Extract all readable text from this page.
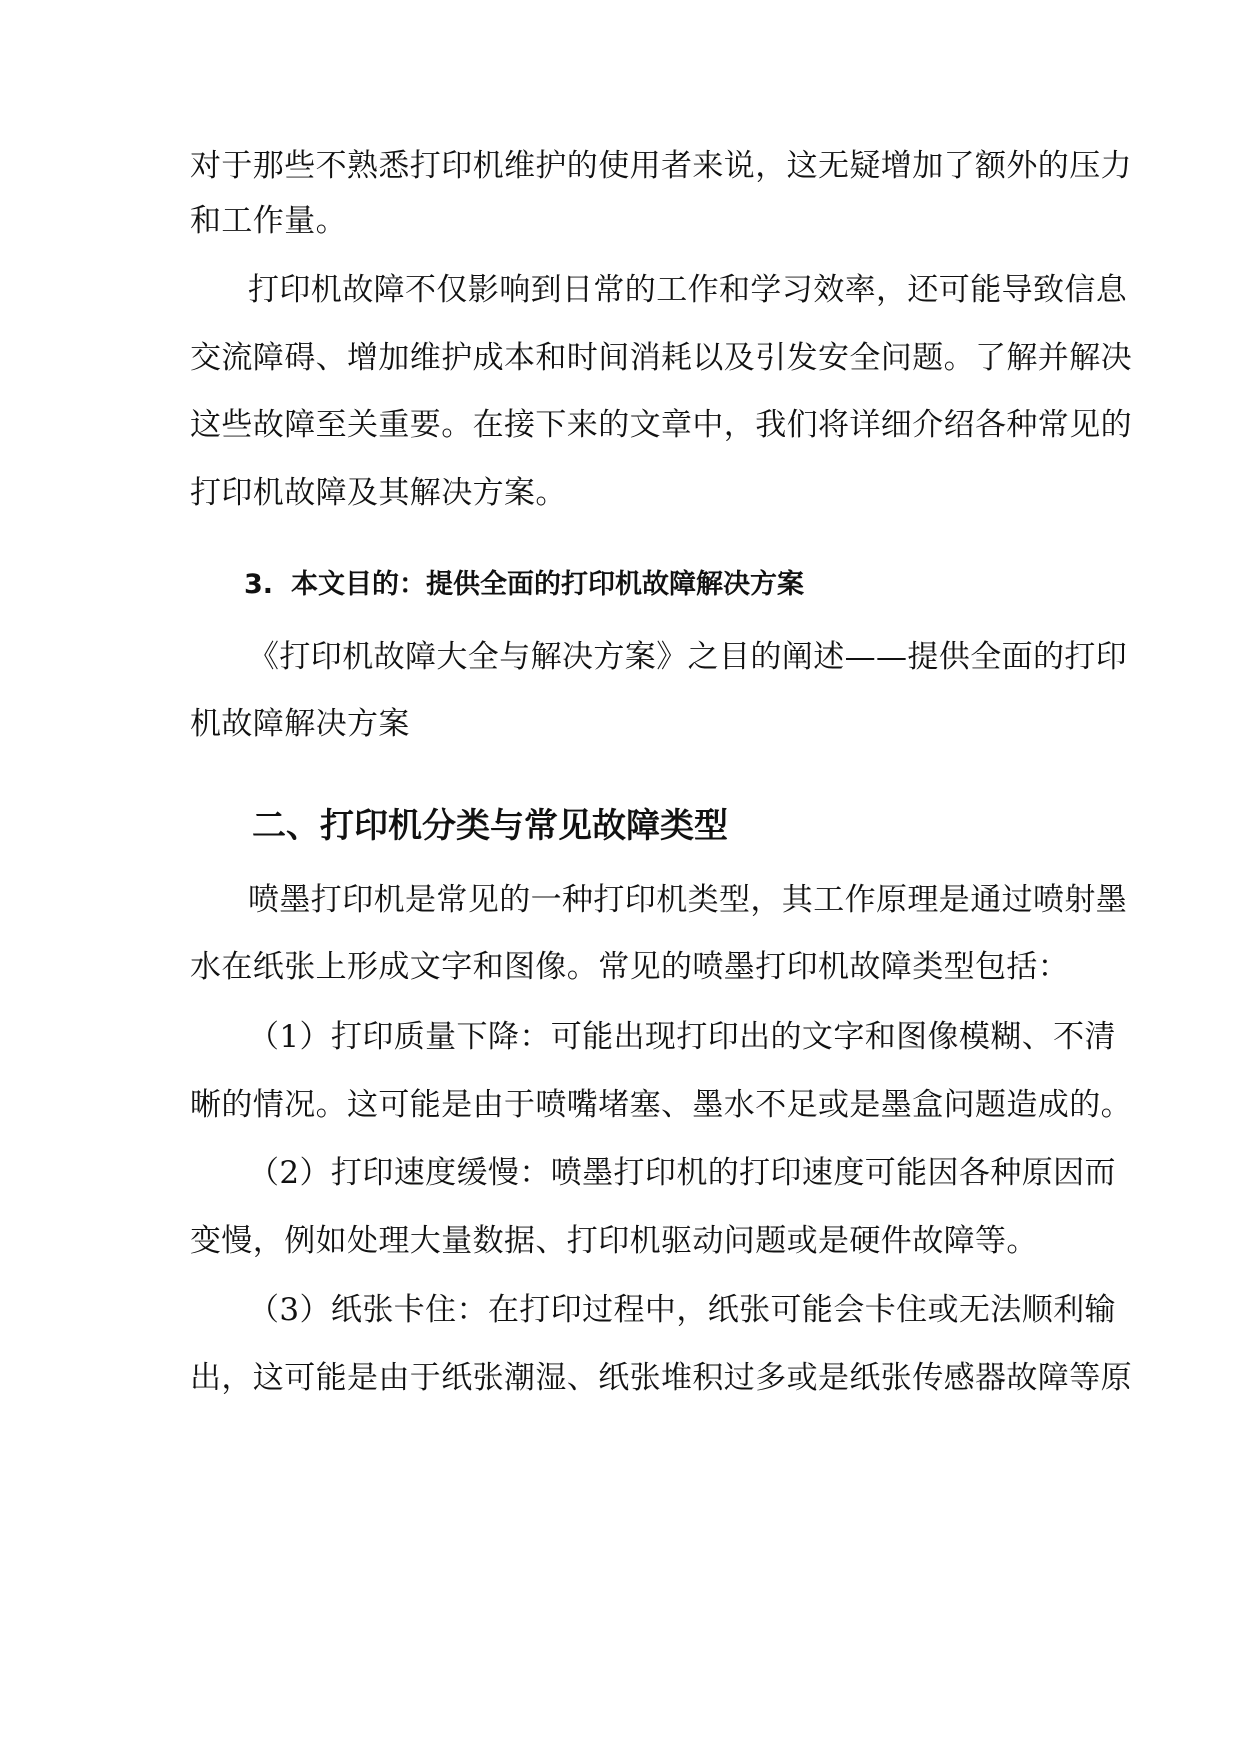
对于那些不熟悉打印机维护的使用者来说，这无疑增加了额外的压力
和工作量。
打印机故障不仅影响到日常的工作和学习效率，还可能导致信息
交流障碍、增加维护成本和时间消耗以及引发安全问题。了解并解决
这些故障至关重要。在接下来的文章中，我们将详细介绍各种常见的
打印机故障及其解决方案。
3. 本文目的：提供全面的打印机故障解决方案
《打印机故障大全与解决方案》之目的阐述——提供全面的打印
机故障解决方案
二、打印机分类与常见故障类型
喷墨打印机是常见的一种打印机类型，其工作原理是通过喷射墨
水在纸张上形成文字和图像。常见的喷墨打印机故障类型包括：
（1）打印质量下降：可能出现打印出的文字和图像模糊、不清
晰的情况。这可能是由于喷嘴堵塞、墨水不足或是墨盒问题造成的。
（2）打印速度缓慢：喷墨打印机的打印速度可能因各种原因而
变慢，例如处理大量数据、打印机驱动问题或是硬件故障等。
（3）纸张卡住：在打印过程中，纸张可能会卡住或无法顺利输
出，这可能是由于纸张潮湿、纸张堆积过多或是纸张传感器故障等原
